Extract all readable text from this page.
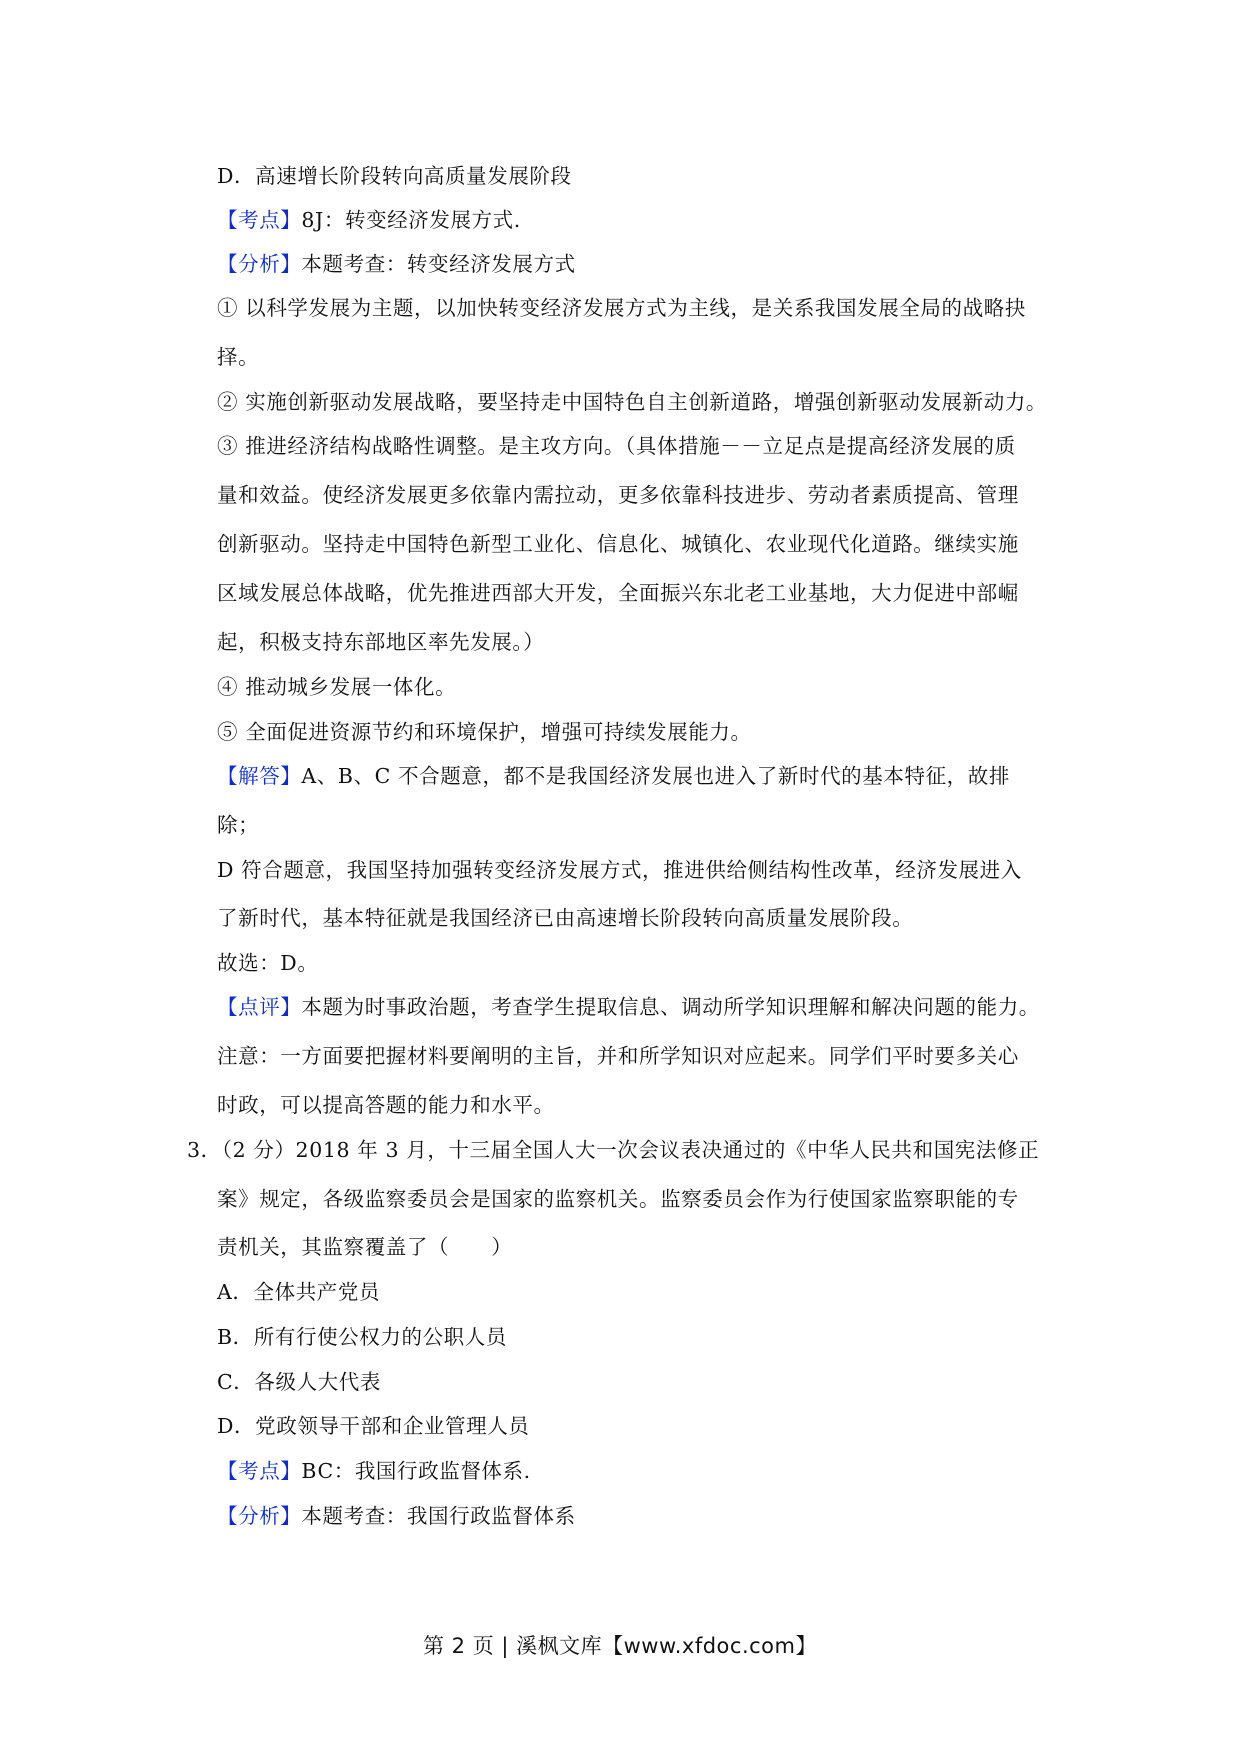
D．高速增长阶段转向高质量发展阶段
【考点】8J：转变经济发展方式.
【分析】本题考查：转变经济发展方式
① 以科学发展为主题，以加快转变经济发展方式为主线，是关系我国发展全局的战略抉
择。
② 实施创新驱动发展战略，要坚持走中国特色自主创新道路，增强创新驱动发展新动力。
③ 推进经济结构战略性调整。是主攻方向。（具体措施－－立足点是提高经济发展的质
量和效益。使经济发展更多依靠内需拉动，更多依靠科技进步、劳动者素质提高、管理
创新驱动。坚持走中国特色新型工业化、信息化、城镇化、农业现代化道路。继续实施
区域发展总体战略，优先推进西部大开发，全面振兴东北老工业基地，大力促进中部崛
起，积极支持东部地区率先发展。）
④ 推动城乡发展一体化。
⑤ 全面促进资源节约和环境保护，增强可持续发展能力。
【解答】A、B、C 不合题意，都不是我国经济发展也进入了新时代的基本特征，故排
除；
D 符合题意，我国坚持加强转变经济发展方式，推进供给侧结构性改革，经济发展进入
了新时代，基本特征就是我国经济已由高速增长阶段转向高质量发展阶段。
故选：D。
【点评】本题为时事政治题，考查学生提取信息、调动所学知识理解和解决问题的能力。
注意：一方面要把握材料要阐明的主旨，并和所学知识对应起来。同学们平时要多关心
时政，可以提高答题的能力和水平。
3．（2 分）2018 年 3 月，十三届全国人大一次会议表决通过的《中华人民共和国宪法修正
案》规定，各级监察委员会是国家的监察机关。监察委员会作为行使国家监察职能的专
责机关，其监察覆盖了（　　）
A．全体共产党员
B．所有行使公权力的公职人员
C．各级人大代表
D．党政领导干部和企业管理人员
【考点】BC：我国行政监督体系.
【分析】本题考查：我国行政监督体系
第 2 页 | 溪枫文库【www.xfdoc.com】
